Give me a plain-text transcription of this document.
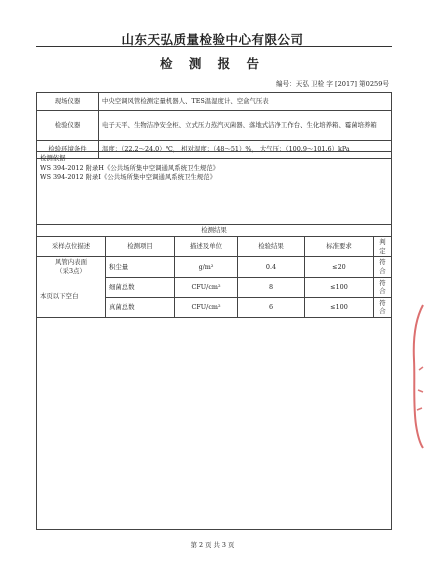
山东天弘质量检验中心有限公司
检 测 报 告
编号：天弘 卫检 字 [2017] 第0259号
现场仪器	中央空调风管检测定量机器人、TES温湿度计、空盒气压表
检验仪器	电子天平、生物洁净安全柜、立式压力蒸汽灭菌器、落地式洁净工作台、生化培养箱、霉菌培养箱
检验环境条件	温度：（22.2～24.0）℃， 相对湿度：（48～51）%， 大气压：（100.9～101.6）kPa
检测依据
WS 394-2012 附录H《公共场所集中空调通风系统卫生规范》
WS 394-2012 附录I《公共场所集中空调通风系统卫生规范》
检测结果					
采样点位描述	检测项目	描述及单位	检验结果	标准要求	判定

风管内表面
（采3点）	积尘量	g/m²	0.4	≤20	符合
	细菌总数	CFU/cm²	8	≤100	符合
	真菌总数	CFU/cm²	6	≤100	符合
本页以下空白
第 2 页 共 3 页
